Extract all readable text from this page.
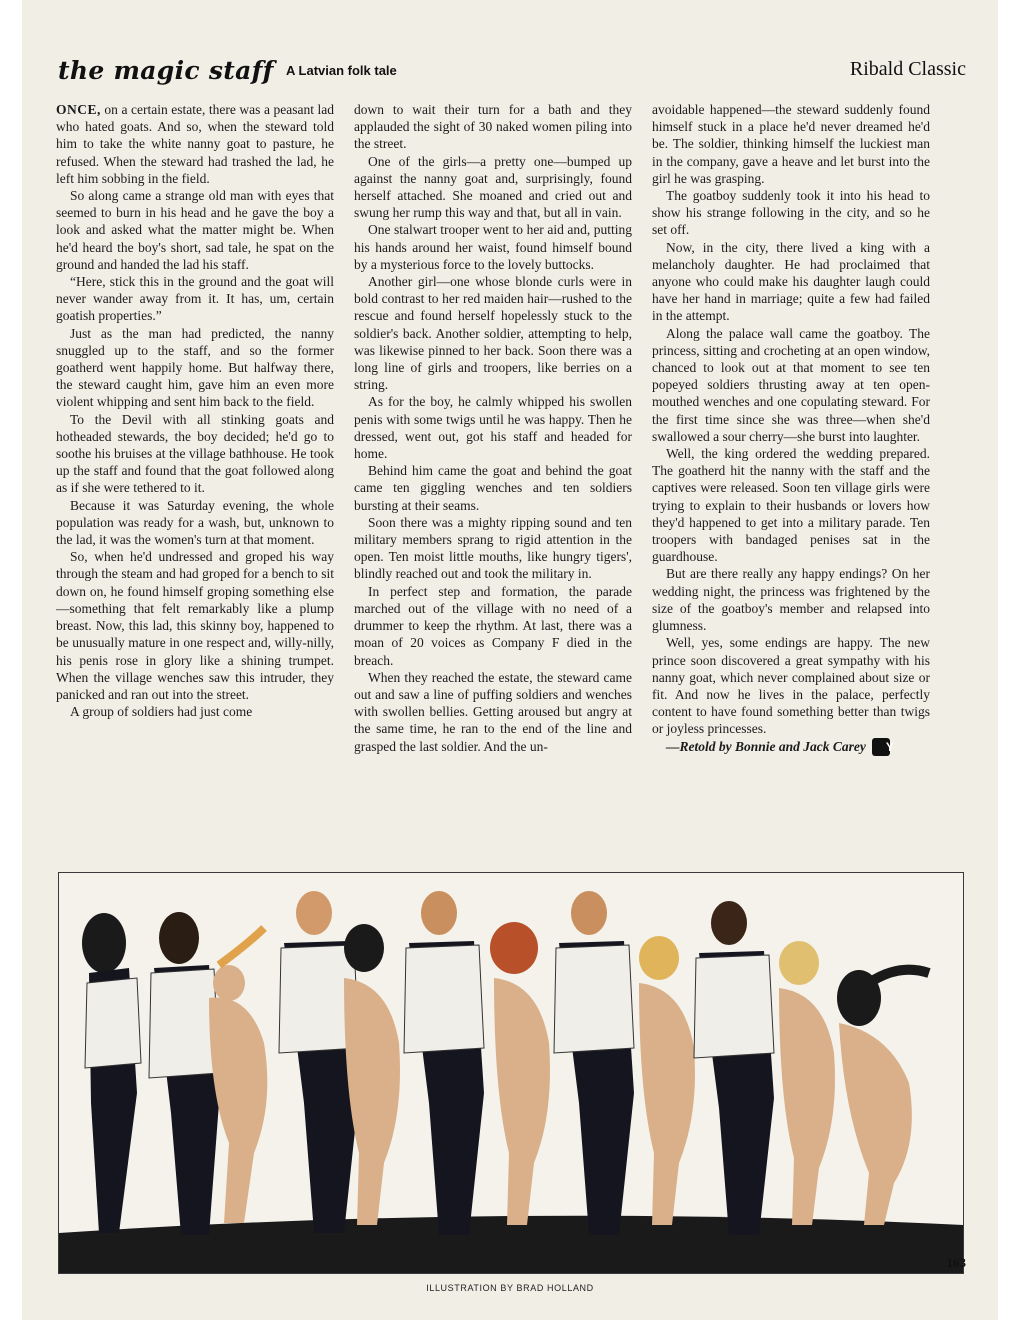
the magic staff A Latvian folk tale	Ribald Classic

ONCE, on a certain estate, there was a peasant lad who hated goats. And so, when the steward told him to take the white nanny goat to pasture, he refused. When the steward had trashed the lad, he left him sobbing in the field.

So along came a strange old man with eyes that seemed to burn in his head and he gave the boy a look and asked what the matter might be. When he'd heard the boy's short, sad tale, he spat on the ground and handed the lad his staff.

“Here, stick this in the ground and the goat will never wander away from it. It has, um, certain goatish properties.”

Just as the man had predicted, the nanny snuggled up to the staff, and so the former goatherd went happily home. But halfway there, the steward caught him, gave him an even more violent whipping and sent him back to the field.

To the Devil with all stinking goats and hotheaded stewards, the boy decided; he'd go to soothe his bruises at the village bathhouse. He took up the staff and found that the goat followed along as if she were tethered to it.

Because it was Saturday evening, the whole population was ready for a wash, but, unknown to the lad, it was the women's turn at that moment.

So, when he'd undressed and groped his way through the steam and had groped for a bench to sit down on, he found himself groping something else—something that felt remarkably like a plump breast. Now, this lad, this skinny boy, happened to be unusually mature in one respect and, willy-nilly, his penis rose in glory like a shining trumpet. When the village wenches saw this intruder, they panicked and ran out into the street.

A group of soldiers had just come

down to wait their turn for a bath and they applauded the sight of 30 naked women piling into the street.

One of the girls—a pretty one—bumped up against the nanny goat and, surprisingly, found herself attached. She moaned and cried out and swung her rump this way and that, but all in vain.

One stalwart trooper went to her aid and, putting his hands around her waist, found himself bound by a mysterious force to the lovely buttocks.

Another girl—one whose blonde curls were in bold contrast to her red maiden hair—rushed to the rescue and found herself hopelessly stuck to the soldier's back. Another soldier, attempting to help, was likewise pinned to her back. Soon there was a long line of girls and troopers, like berries on a string.

As for the boy, he calmly whipped his swollen penis with some twigs until he was happy. Then he dressed, went out, got his staff and headed for home.

Behind him came the goat and behind the goat came ten giggling wenches and ten soldiers bursting at their seams.

Soon there was a mighty ripping sound and ten military members sprang to rigid attention in the open. Ten moist little mouths, like hungry tigers', blindly reached out and took the military in.

In perfect step and formation, the parade marched out of the village with no need of a drummer to keep the rhythm. At last, there was a moan of 20 voices as Company F died in the breach.

When they reached the estate, the steward came out and saw a line of puffing soldiers and wenches with swollen bellies. Getting aroused but angry at the same time, he ran to the end of the line and grasped the last soldier. And the un-

avoidable happened—the steward suddenly found himself stuck in a place he'd never dreamed he'd be. The soldier, thinking himself the luckiest man in the company, gave a heave and let burst into the girl he was grasping.

The goatboy suddenly took it into his head to show his strange following in the city, and so he set off.

Now, in the city, there lived a king with a melancholy daughter. He had proclaimed that anyone who could make his daughter laugh could have her hand in marriage; quite a few had failed in the attempt.

Along the palace wall came the goatboy. The princess, sitting and crocheting at an open window, chanced to look out at that moment to see ten popeyed soldiers thrusting away at ten open-mouthed wenches and one copulating steward. For the first time since she was three—when she'd swallowed a sour cherry—she burst into laughter.

Well, the king ordered the wedding prepared. The goatherd hit the nanny with the staff and the captives were released. Soon ten village girls were trying to explain to their husbands or lovers how they'd happened to get into a military parade. Ten troopers with bandaged penises sat in the guardhouse.

But are there really any happy endings? On her wedding night, the princess was frightened by the size of the goatboy's member and relapsed into glumness.

Well, yes, some endings are happy. The new prince soon discovered a great sympathy with his nanny goat, which never complained about size or fit. And now he lives in the palace, perfectly content to have found something better than twigs or joyless princesses.

—Retold by Bonnie and Jack Carey Y

163
ILLUSTRATION BY BRAD HOLLAND
